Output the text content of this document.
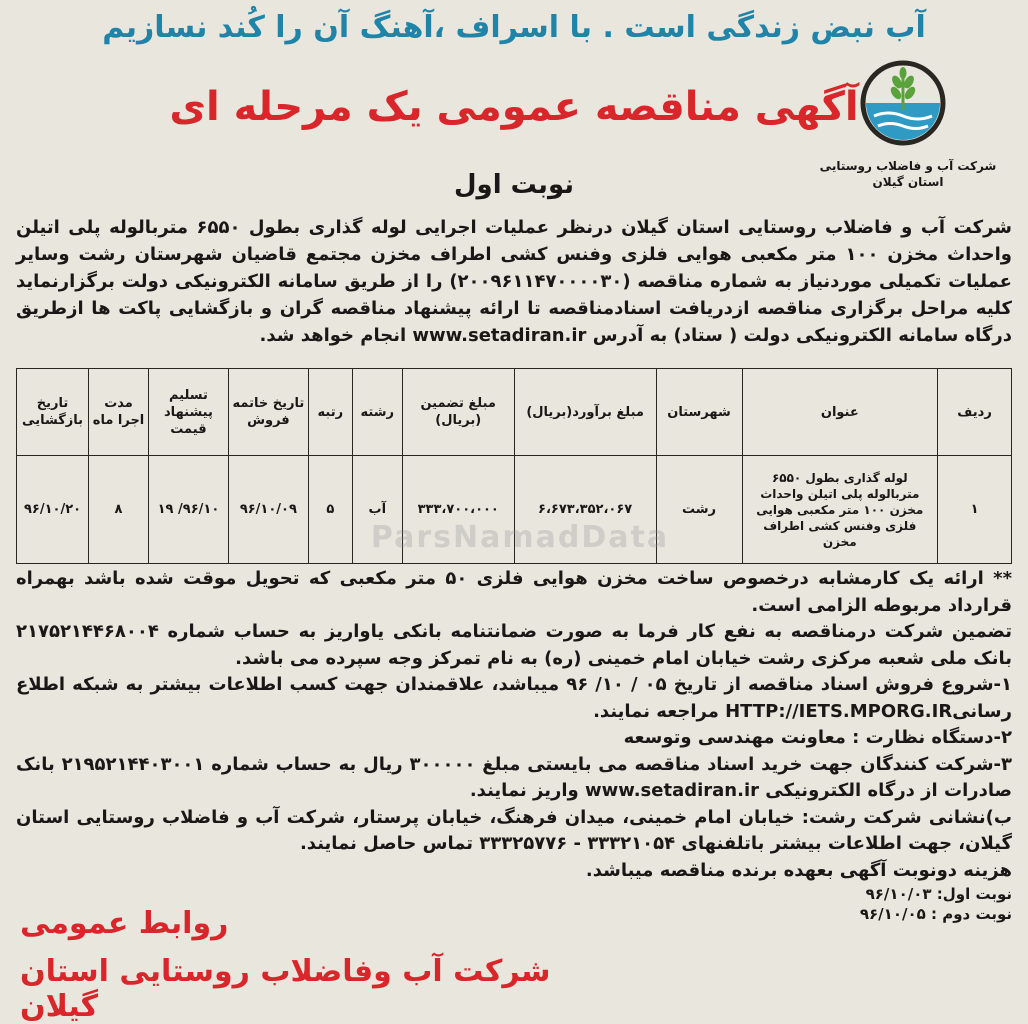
آب نبض زندگی است . با اسراف ،آهنگ آن را کُند نسازیم
شرکت آب و فاضلاب روستایی
استان گیلان
آگهی مناقصه عمومی یک مرحله ای
نوبت اول
شرکت آب و فاضلاب روستایی استان گیلان درنظر عملیات اجرایی لوله گذاری بطول ۶۵۵۰ متربالوله پلی اتیلن واحداث مخزن ۱۰۰ متر مکعبی هوایی فلزی وفنس کشی اطراف مخزن مجتمع قاضیان شهرستان رشت وسایر عملیات تکمیلی موردنیاز به شماره مناقصه (۲۰۰۹۶۱۱۴۷۰۰۰۰۳۰) را از طریق سامانه الکترونیکی دولت برگزارنماید کلیه مراحل برگزاری مناقصه ازدریافت اسنادمناقصه تا ارائه پیشنهاد مناقصه گران و بازگشایی پاکت ها ازطریق درگاه سامانه الکترونیکی دولت ( ستاد) به آدرس www.setadiran.ir انجام خواهد شد.
ردیف	عنوان	شهرستان	مبلغ برآورد(بریال)	مبلغ تضمین (بریال)	رشته	رتبه	تاریخ خاتمه فروش	تسلیم پیشنهاد قیمت	مدت اجرا ماه	تاریخ بازگشایی
۱	لوله گذاری بطول ۶۵۵۰ متربالوله پلی اتیلن واحداث مخزن ۱۰۰ متر مکعبی هوایی فلزی وفنس کشی اطراف مخزن	رشت	۶،۶۷۳،۳۵۲،۰۶۷	۳۳۳،۷۰۰،۰۰۰	آب	۵	۹۶/۱۰/۰۹	۹۶/۱۰/ ۱۹	۸	۹۶/۱۰/۲۰
ParsNamadData

** ارائه یک کارمشابه درخصوص ساخت مخزن هوایی فلزی ۵۰ متر مکعبی که تحویل موقت شده باشد بهمراه قرارداد مربوطه الزامی است.

تضمین شرکت درمناقصه به نفع کار فرما به صورت ضمانتنامه بانکی یاواریز به حساب شماره ۲۱۷۵۲۱۴۴۶۸۰۰۴ بانک ملی شعبه مرکزی رشت خیابان امام خمینی (ره) به نام تمرکز وجه سپرده می باشد.

۱-شروع فروش اسناد مناقصه از تاریخ ۰۵ / ۱۰/ ۹۶ میباشد، علاقمندان جهت کسب اطلاعات بیشتر به شبکه اطلاع رسانیHTTP://IETS.MPORG.IR مراجعه نمایند.

۲-دستگاه نظارت : معاونت مهندسی وتوسعه

۳-شرکت کنندگان جهت خرید اسناد مناقصه می بایستی مبلغ ۳۰۰۰۰۰ ریال به حساب شماره ۲۱۹۵۲۱۴۴۰۳۰۰۱ بانک صادرات از درگاه الکترونیکی www.setadiran.ir واریز نمایند.

ب)نشانی شرکت رشت: خیابان امام خمینی، میدان فرهنگ، خیابان پرستار، شرکت آب و فاضلاب روستایی استان گیلان، جهت اطلاعات بیشتر باتلفنهای ۳۳۳۲۱۰۵۴ - ۳۳۳۲۵۷۷۶ تماس حاصل نمایند.

هزینه دونوبت آگهی بعهده برنده مناقصه میباشد.

نوبت اول: ۹۶/۱۰/۰۳

نوبت دوم : ۹۶/۱۰/۰۵

روابط عمومی
شرکت آب وفاضلاب روستایی استان گیلان
